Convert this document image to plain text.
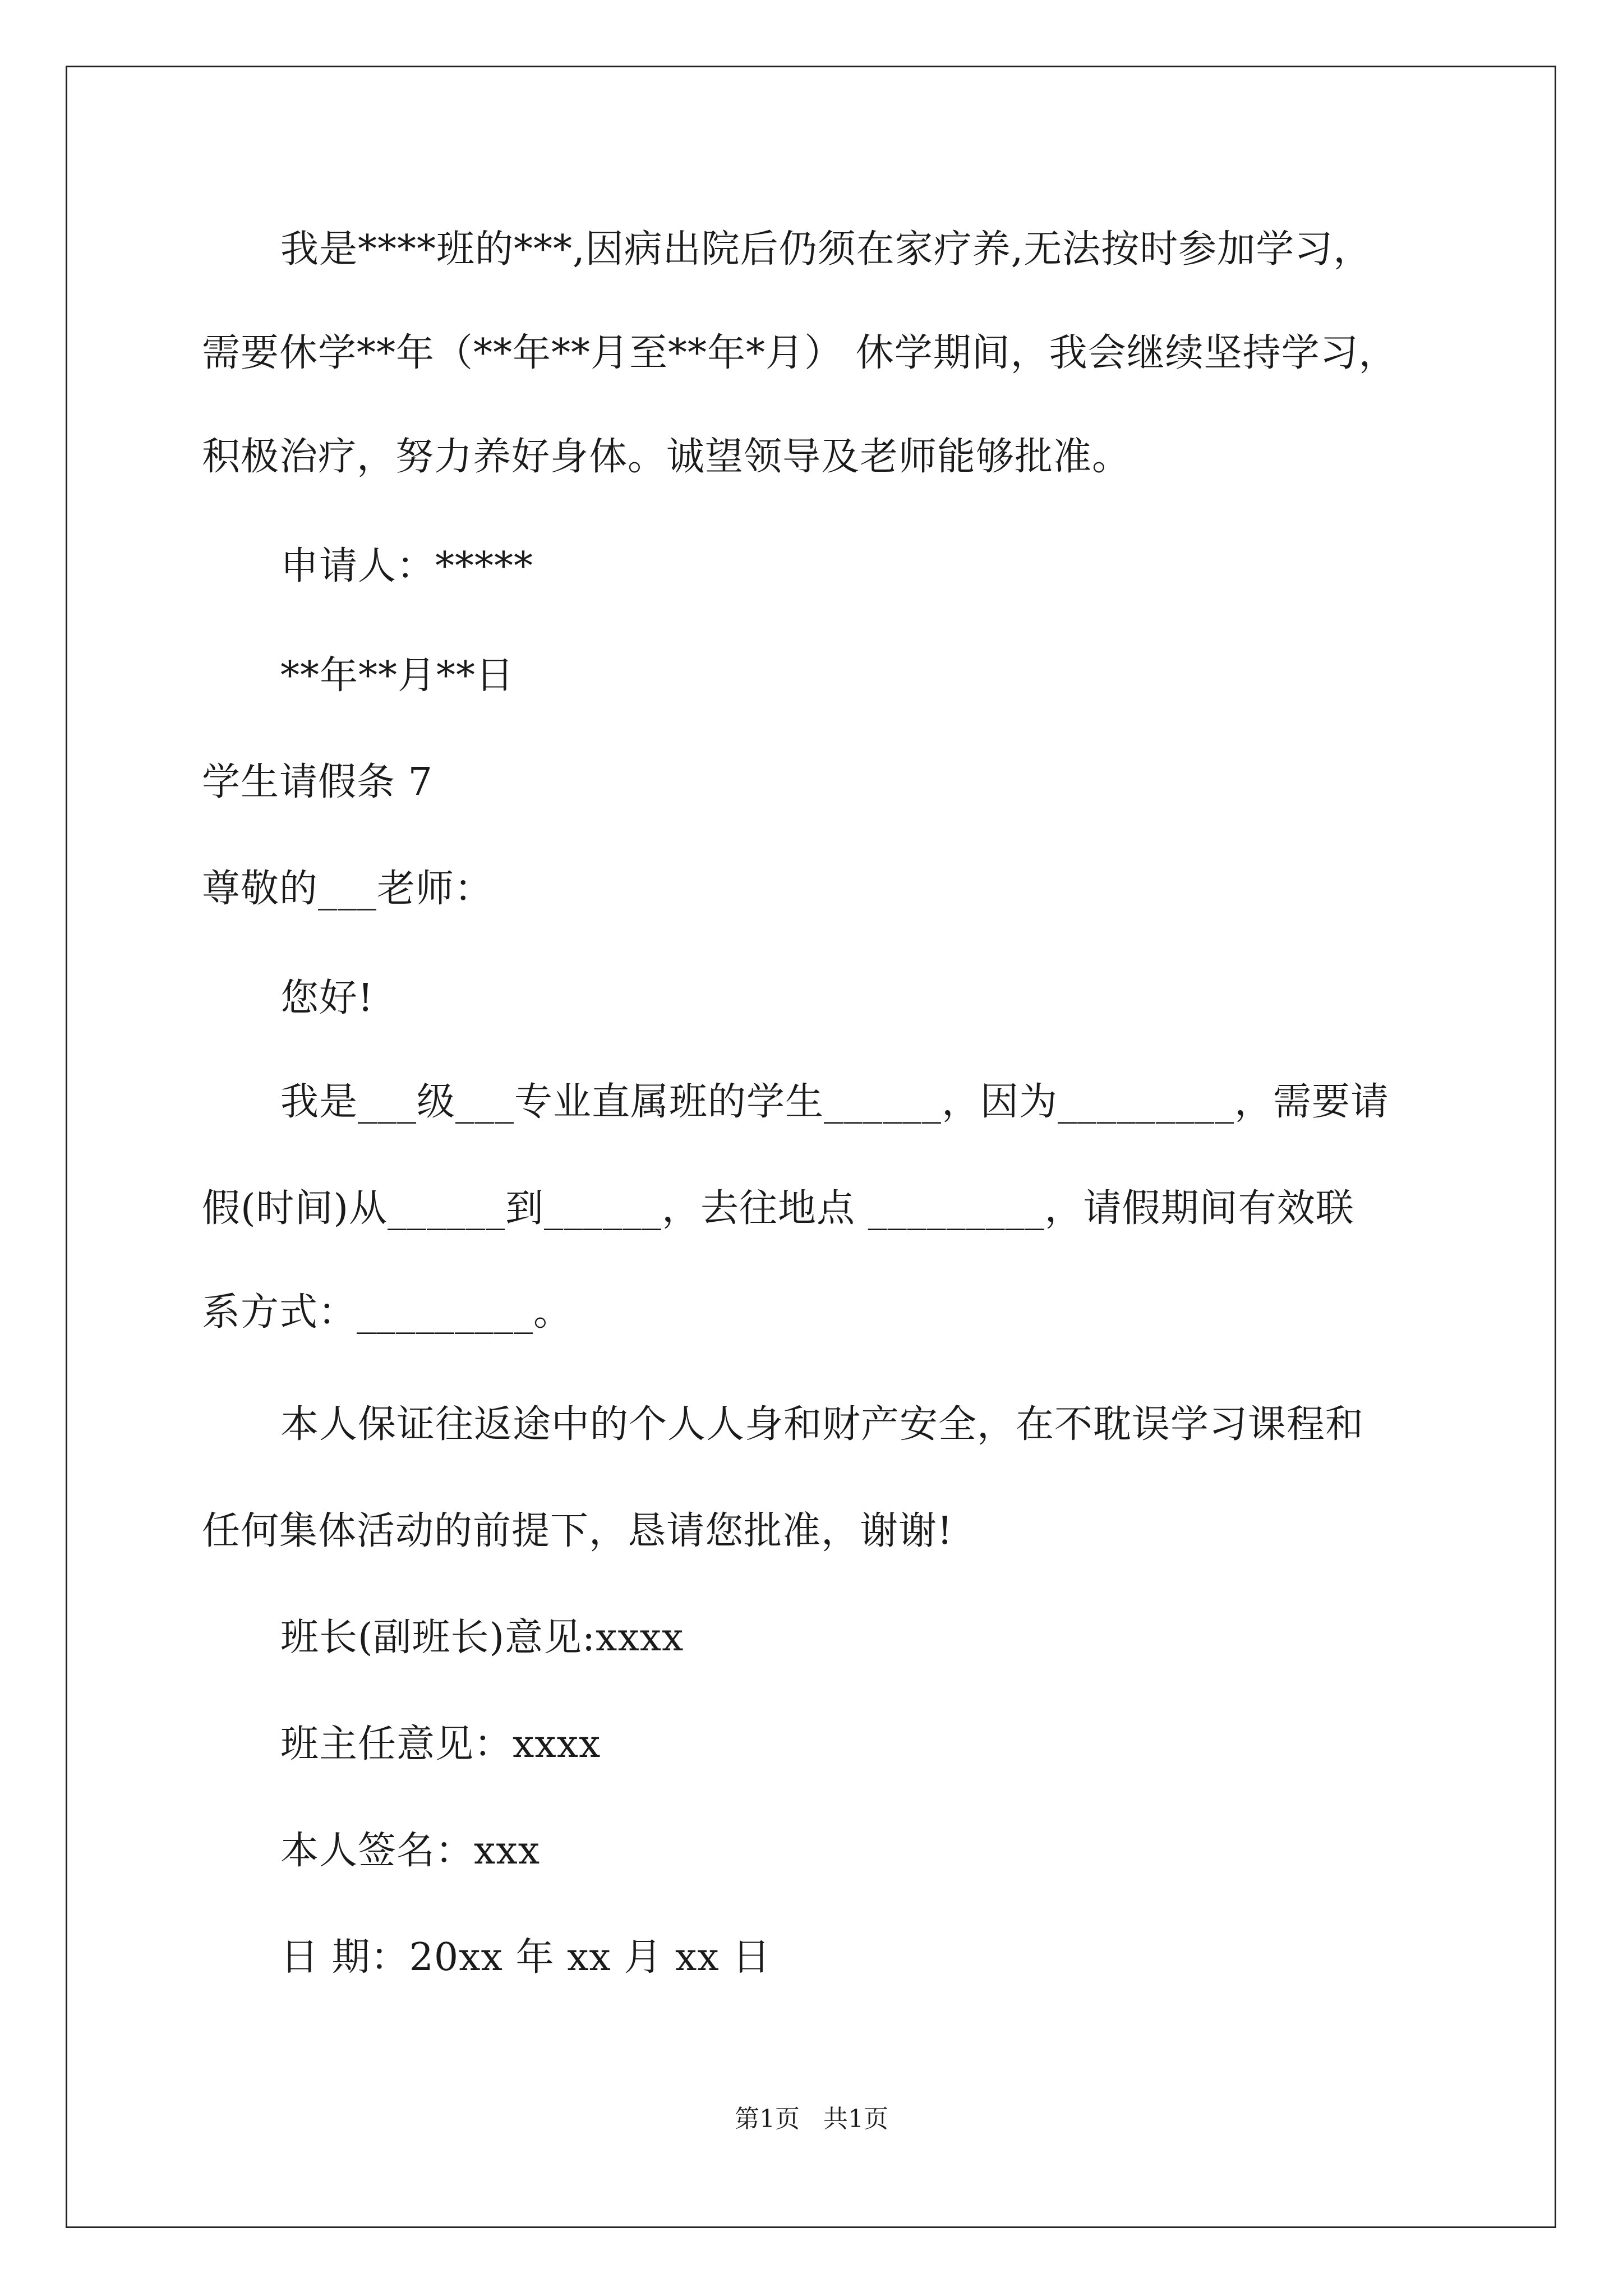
我是****班的***,因病出院后仍须在家疗养,无法按时参加学习，
需要休学**年（**年**月至**年*月） 休学期间，我会继续坚持学习，
积极治疗，努力养好身体。诚望领导及老师能够批准。
申请人：*****
**年**月**日
学生请假条 7
尊敬的___老师：
您好!
我是___级___专业直属班的学生______，因为_________，需要请
假(时间)从______到______，去往地点 _________，请假期间有效联
系方式：_________。
本人保证往返途中的个人人身和财产安全，在不耽误学习课程和
任何集体活动的前提下，恳请您批准，谢谢!
班长(副班长)意见:xxxx
班主任意见：xxxx
本人签名：xxx
日 期：20xx 年 xx 月 xx 日
第1页   共1页
